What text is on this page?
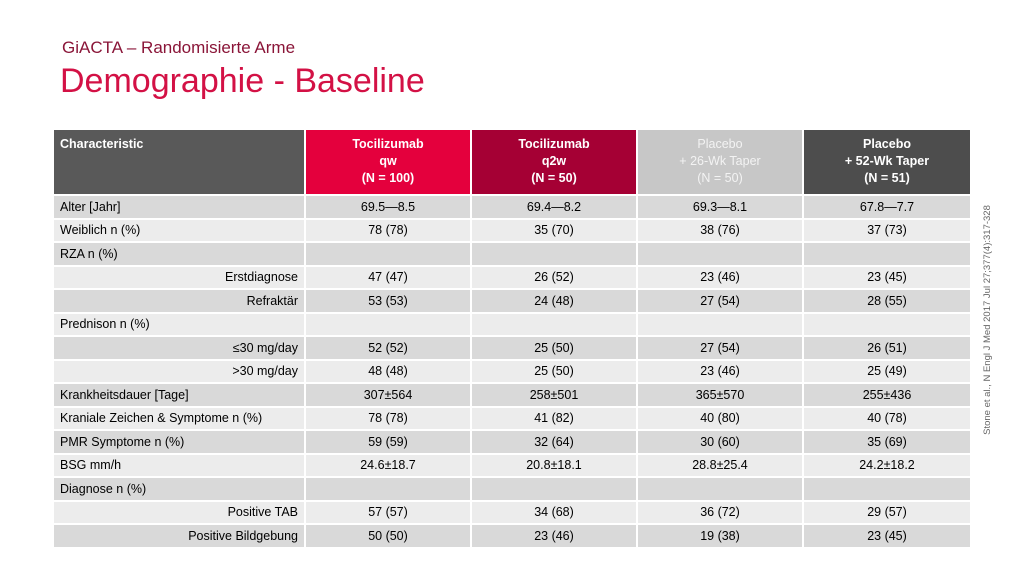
GiACTA – Randomisierte Arme
Demographie - Baseline
Stone et al., N Engl J Med 2017 Jul 27;377(4):317-328
Characteristic	Tocilizumab
qw
(N = 100)	Tocilizumab
q2w
(N = 50)	Placebo
+ 26-Wk Taper
(N = 50)	Placebo
+ 52-Wk Taper
(N = 51)

Alter [Jahr]	69.5—8.5	69.4—8.2	69.3—8.1	67.8—7.7
Weiblich n (%)	78 (78)	35 (70)	38 (76)	37 (73)
RZA n (%)				
Erstdiagnose	47 (47)	26 (52)	23 (46)	23 (45)
Refraktär	53 (53)	24 (48)	27 (54)	28 (55)
Prednison n (%)				
≤30 mg/day	52 (52)	25 (50)	27 (54)	26 (51)
>30 mg/day	48 (48)	25 (50)	23 (46)	25 (49)
Krankheitsdauer [Tage]	307±564	258±501	365±570	255±436
Kraniale Zeichen & Symptome n (%)	78 (78)	41 (82)	40 (80)	40 (78)
PMR Symptome n (%)	59 (59)	32 (64)	30 (60)	35 (69)
BSG mm/h	24.6±18.7	20.8±18.1	28.8±25.4	24.2±18.2
Diagnose n (%)				
Positive TAB	57 (57)	34 (68)	36 (72)	29 (57)
Positive Bildgebung	50 (50)	23 (46)	19 (38)	23 (45)
